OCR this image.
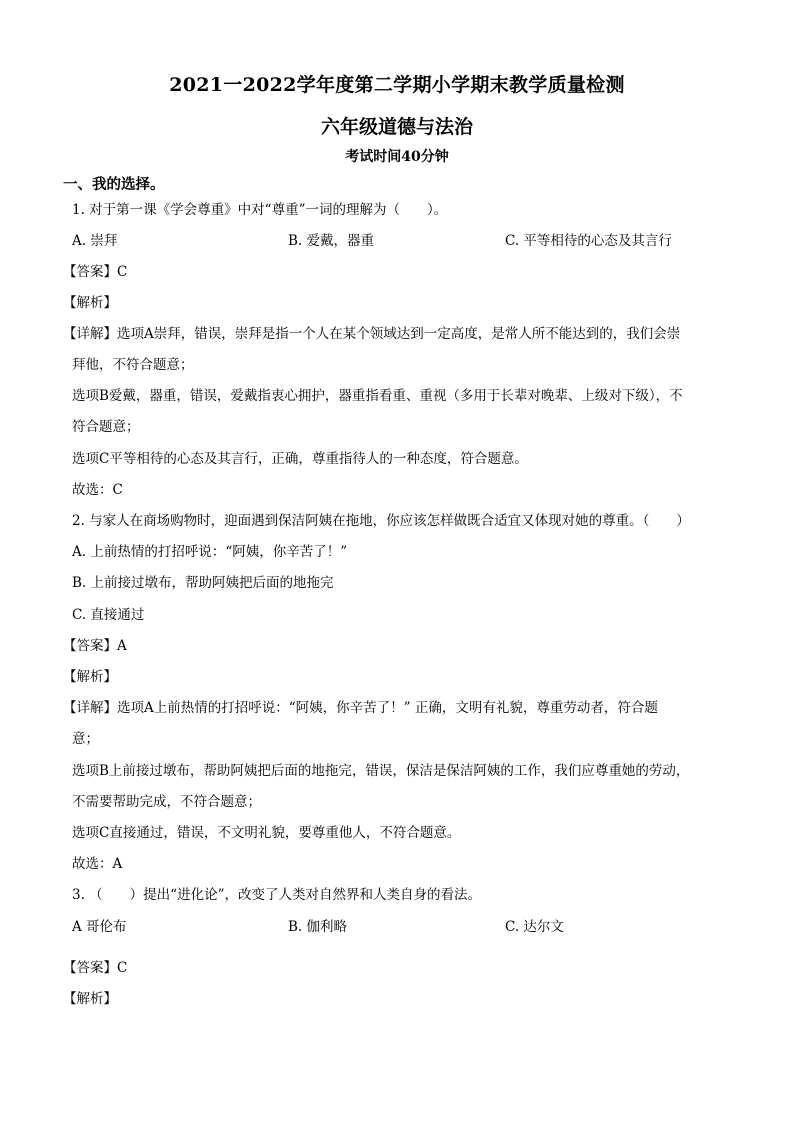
2021一2022学年度第二学期小学期末教学质量检测
六年级道德与法治
考试时间40分钟
一、我的选择。
1. 对于第一课《学会尊重》中对“尊重”一词的理解为（　　）。
A. 崇拜	B. 爱戴，器重	C. 平等相待的心态及其言行
【答案】C
【解析】
【详解】选项A崇拜，错误，崇拜是指一个人在某个领域达到一定高度，是常人所不能达到的，我们会崇
拜他，不符合题意；
选项B爱戴，器重，错误，爱戴指衷心拥护，器重指看重、重视（多用于长辈对晚辈、上级对下级），不
符合题意；
选项C平等相待的心态及其言行，正确，尊重指待人的一种态度，符合题意。
故选：C
2. 与家人在商场购物时，迎面遇到保洁阿姨在拖地，你应该怎样做既合适宜又体现对她的尊重。（　　）
A. 上前热情的打招呼说：“阿姨，你辛苦了！”
B. 上前接过墩布，帮助阿姨把后面的地拖完
C. 直接通过
【答案】A
【解析】
【详解】选项A上前热情的打招呼说：“阿姨，你辛苦了！” 正确，文明有礼貌，尊重劳动者，符合题
意；
选项B上前接过墩布，帮助阿姨把后面的地拖完，错误，保洁是保洁阿姨的工作，我们应尊重她的劳动，
不需要帮助完成，不符合题意；
选项C直接通过，错误，不文明礼貌，要尊重他人，不符合题意。
故选：A
3. （　　）提出“进化论”，改变了人类对自然界和人类自身的看法。
A 哥伦布	B. 伽利略	C. 达尔文
【答案】C
【解析】
